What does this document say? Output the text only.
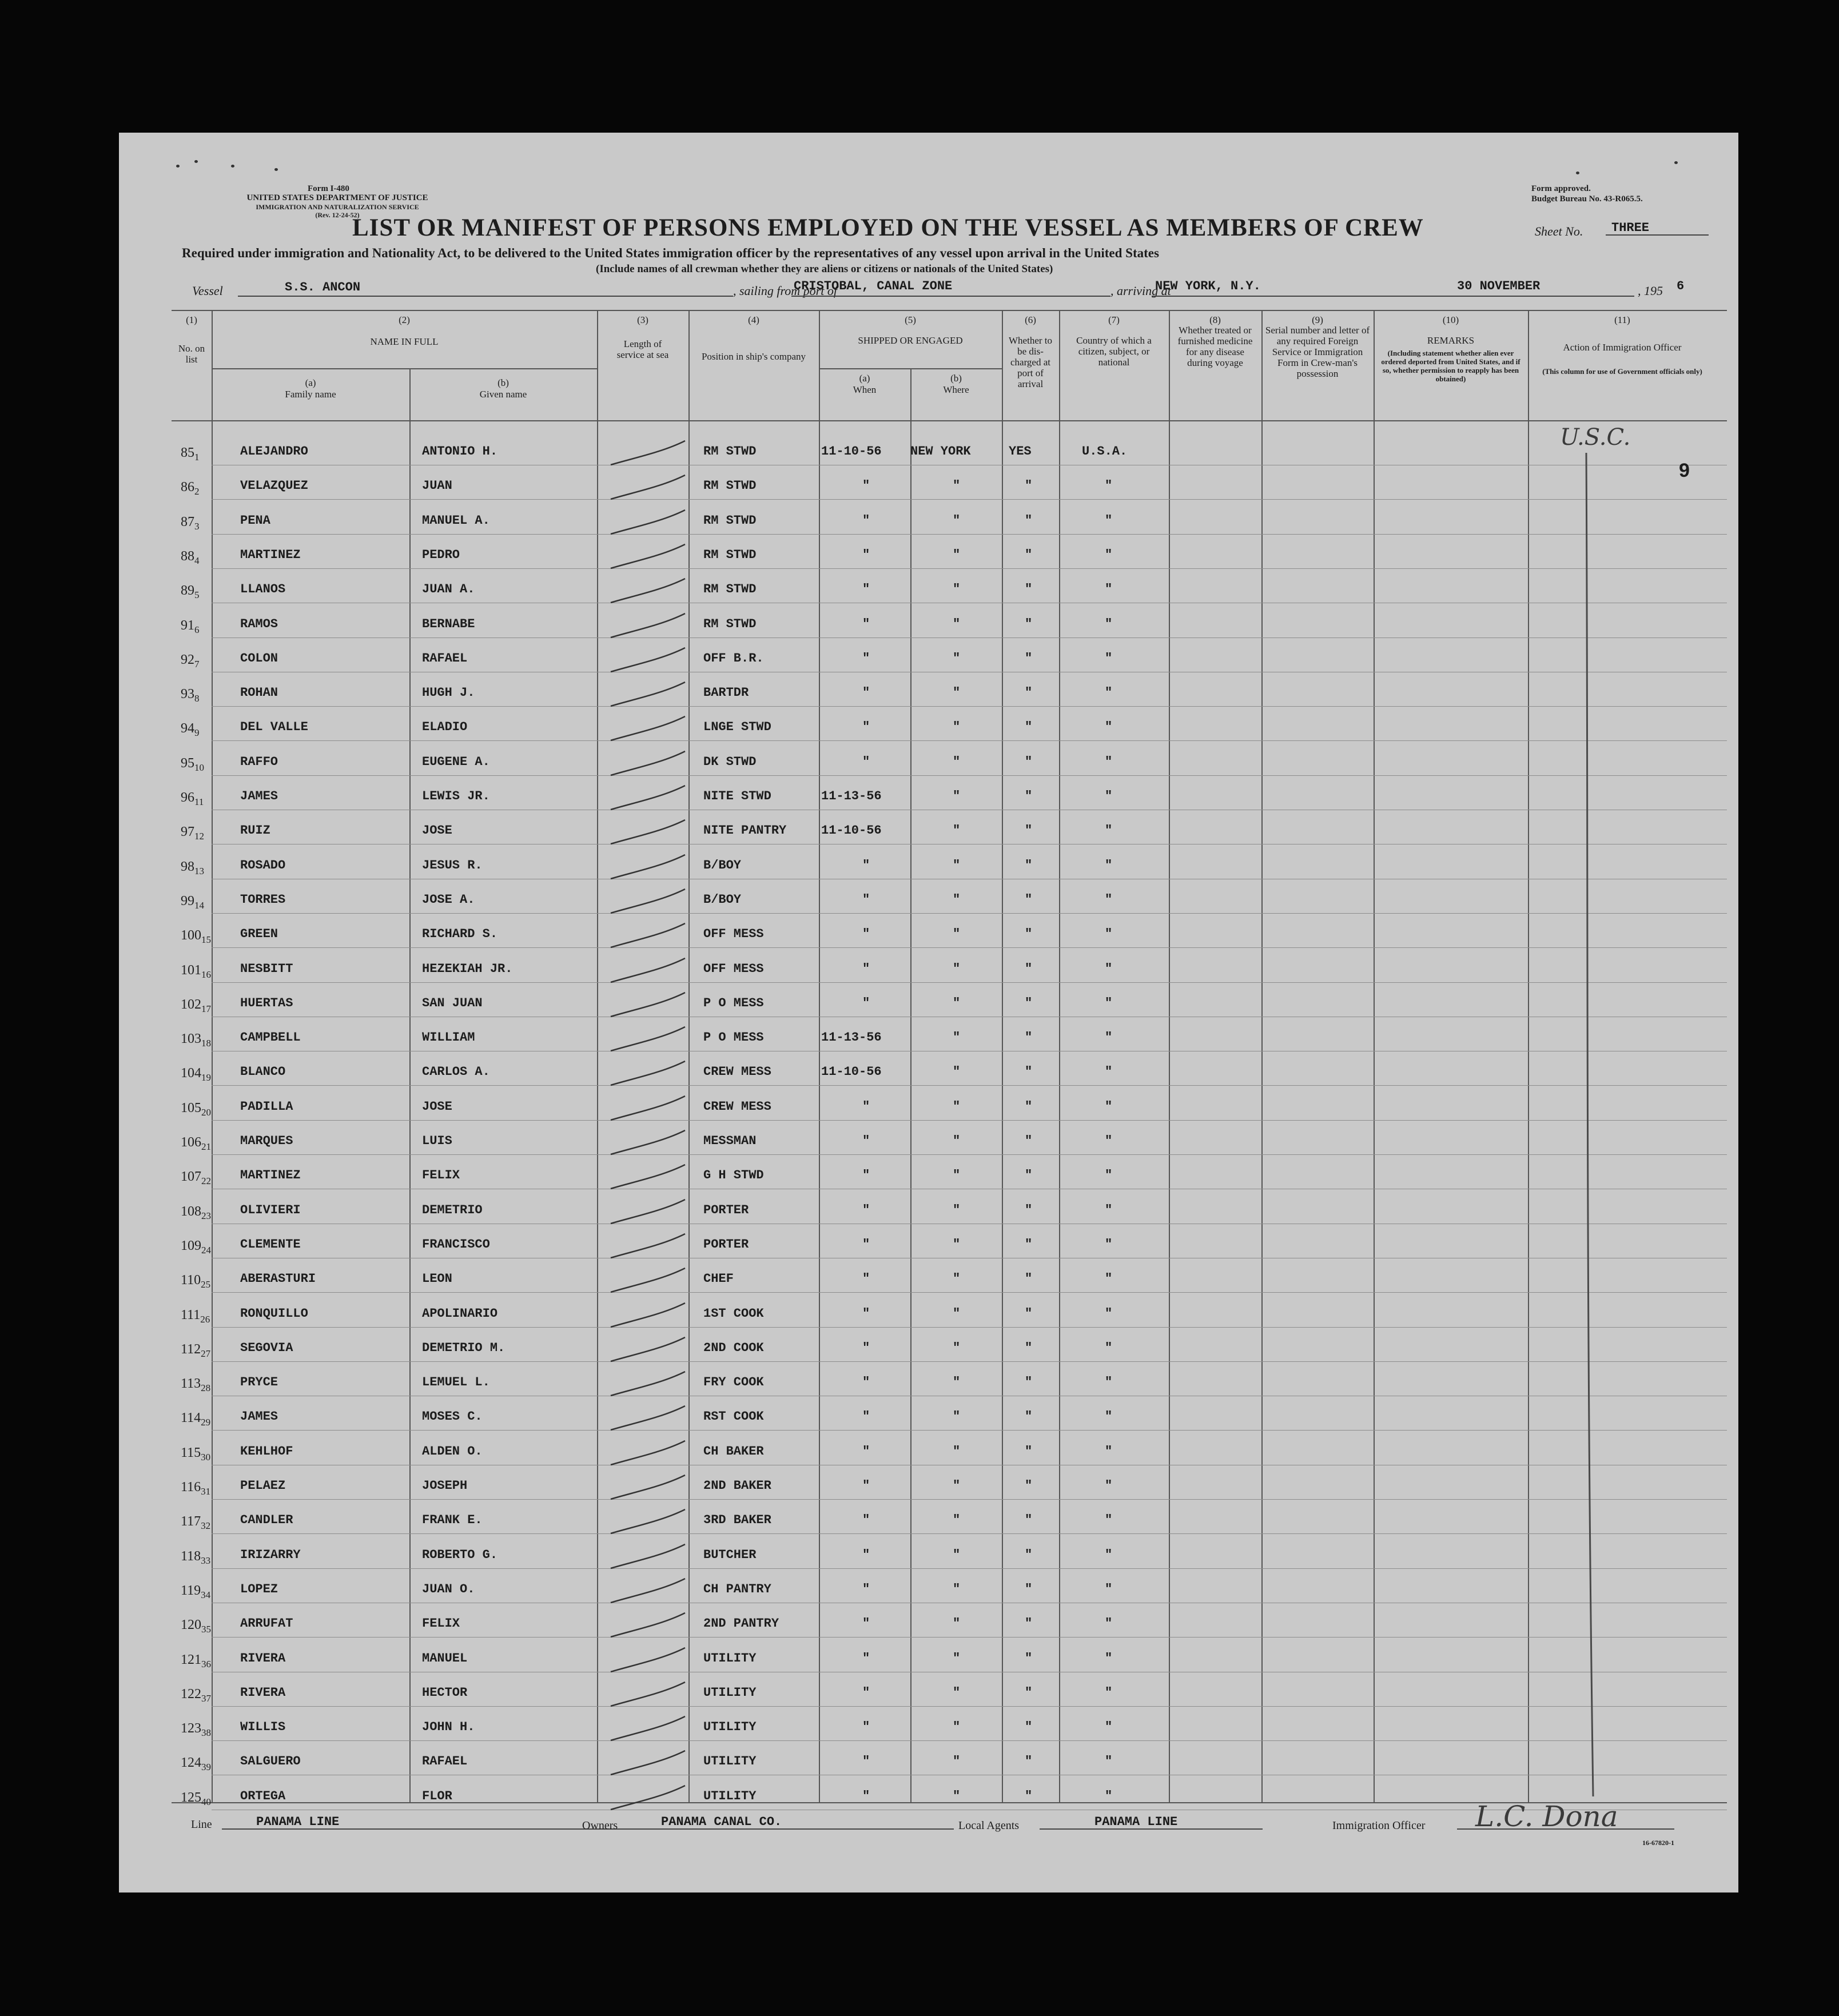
Form I-480
UNITED STATES DEPARTMENT OF JUSTICE
IMMIGRATION AND NATURALIZATION SERVICE
(Rev. 12-24-52)
Form approved.
Budget Bureau No. 43-R065.5.
LIST OR MANIFEST OF PERSONS EMPLOYED ON THE VESSEL AS MEMBERS OF CREW	Sheet No. THREE
Required under immigration and Nationality Act, to be delivered to the United States immigration officer by the representatives of any vessel upon arrival in the United States
(Include names of all crewman whether they are aliens or citizens or nationals of the United States)
Vessel	S.S. ANCON	, sailing from port of
CRISTOBAL, CANAL ZONE	, arriving at
NEW YORK, N.Y.	30 NOVEMBER	, 195 6
(1)
No. on list
(2)
NAME IN FULL
(a)
Family name
(b)
Given name
(3)
Length of service at sea
(4)
Position in ship's company
(5)
SHIPPED OR ENGAGED
(a)
When
(b)
Where
(6)
Whether to be dis-charged at port of arrival
(7)
Country of which a citizen, subject, or national
(8)
Whether treated or furnished medicine for any disease during voyage
(9)
Serial number and letter of any required Foreign Service or Immigration Form in Crew-man's possession
(10)
REMARKS
(Including statement whether alien ever ordered deported from United States, and if so, whether permission to reapply has been obtained)
(11)
Action of Immigration Officer
(This column for use of Government officials only)
$85_1$	ALEJANDRO	ANTONIO H.	RM STWD	11-10-56 NEW YORK	YES	U.S.A.
$86_2$	VELAZQUEZ	JUAN	RM STWD	"	"	"	"
$87_3$	PENA	MANUEL A.	RM STWD	"	"	"	"
$88_4$	MARTINEZ	PEDRO	RM STWD	"	"	"	"
$89_5$	LLANOS	JUAN A.	RM STWD	"	"	"	"
$91_6$	RAMOS	BERNABE	RM STWD	"	"	"	"
$92_7$	COLON	RAFAEL	OFF B.R.	"	"	"	"
$93_8$	ROHAN	HUGH J.	BARTDR	"	"	"	"
$94_9$	DEL VALLE	ELADIO	LNGE STWD	"	"	"	"
$95_{10}$	RAFFO	EUGENE A.	DK STWD	"	"	"	"
$96_{11}$	JAMES	LEWIS JR.	NITE STWD	11-13-56	"	"	"
$97_{12}$	RUIZ	JOSE	NITE PANTRY	11-10-56	"	"	"
$98_{13}$	ROSADO	JESUS R.	B/BOY	"	"	"	"
$99_{14}$	TORRES	JOSE A.	B/BOY	"	"	"	"
$100_{15}$ GREEN	RICHARD S.	OFF MESS	"	"	"	"
$101_{16}$ NESBITT	HEZEKIAH JR.	OFF MESS	"	"	"	"
$102_{17}$ HUERTAS	SAN JUAN	P O MESS	"	"	"	"
$103_{18}$ CAMPBELL	WILLIAM	P O MESS	11-13-56	"	"	"
$104_{19}$ BLANCO	CARLOS A.	CREW MESS	11-10-56	"	"	"
$105_{20}$ PADILLA	JOSE	CREW MESS	"	"	"	"
$106_{21}$ MARQUES	LUIS	MESSMAN	"	"	"	"
$107_{22}$ MARTINEZ	FELIX	G H STWD	"	"	"	"
$108_{23}$ OLIVIERI	DEMETRIO	PORTER	"	"	"	"
$109_{24}$ CLEMENTE	FRANCISCO	PORTER	"	"	"	"
$110_{25}$ ABERASTURI	LEON	CHEF	"	"	"	"
$111_{26}$ RONQUILLO	APOLINARIO	1ST COOK	"	"	"	"
$112_{27}$ SEGOVIA	DEMETRIO M.	2ND COOK	"	"	"	"
$113_{28}$ PRYCE	LEMUEL L.	FRY COOK	"	"	"	"
$114_{29}$ JAMES	MOSES C.	RST COOK	"	"	"	"
$115_{30}$ KEHLHOF	ALDEN O.	CH BAKER	"	"	"	"
$116_{31}$ PELAEZ	JOSEPH	2ND BAKER	"	"	"	"
$117_{32}$ CANDLER	FRANK E.	3RD BAKER	"	"	"	"
$118_{33}$ IRIZARRY	ROBERTO G.	BUTCHER	"	"	"	"
$119_{34}$ LOPEZ	JUAN O.	CH PANTRY	"	"	"	"
$120_{35}$ ARRUFAT	FELIX	2ND PANTRY	"	"	"	"
$121_{36}$ RIVERA	MANUEL	UTILITY	"	"	"	"
$122_{37}$ RIVERA	HECTOR	UTILITY	"	"	"	"
$123_{38}$ WILLIS	JOHN H.	UTILITY	"	"	"	"
$124_{39}$ SALGUERO	RAFAEL	UTILITY	"	"	"	"
$125_{40}$ ORTEGA	FLOR	UTILITY	"	"	"	"
U.S.C.
9
Line	PANAMA LINE	Owners	PANAMA CANAL CO.	Local Agents	PANAMA LINE	Immigration Officer L.C. Dona
16-67820-1
